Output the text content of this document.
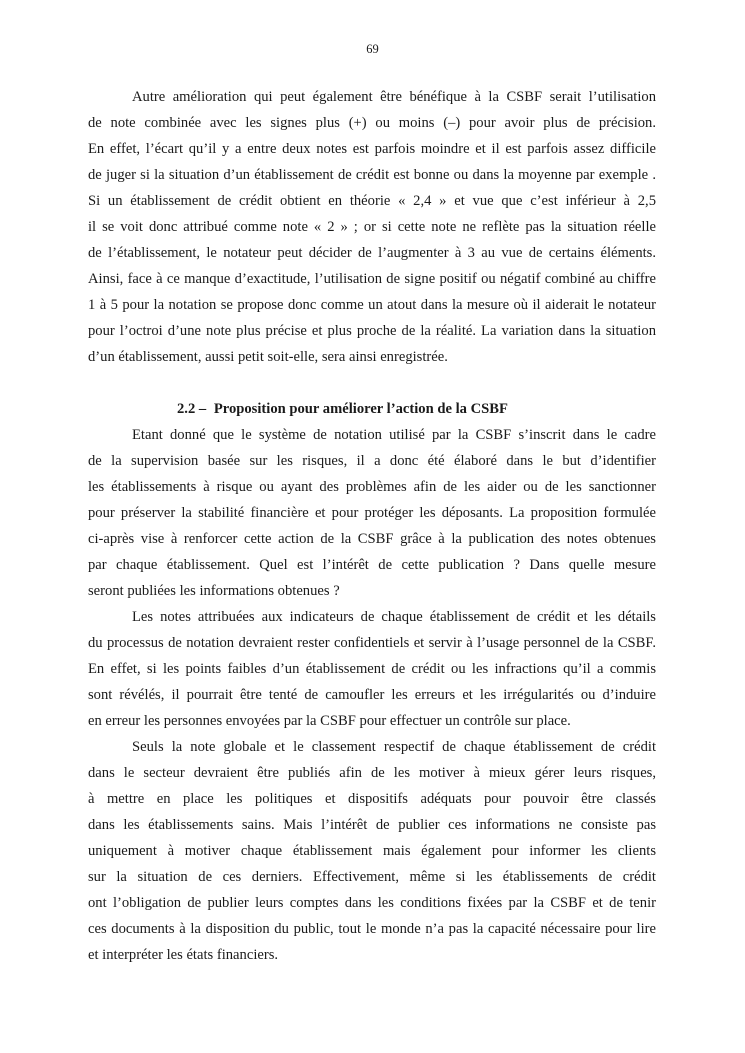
69
Autre amélioration qui peut également être bénéfique à la CSBF serait l’utilisation
de note combinée avec les signes plus (+) ou moins (–) pour avoir plus de précision.
En effet, l’écart qu’il y a entre deux notes est parfois moindre et il est parfois assez difficile
de juger si la situation d’un établissement de crédit est bonne ou dans la moyenne par exemple .
Si un établissement de crédit obtient en théorie « 2,4 » et vue que c’est inférieur à 2,5
il se voit donc attribué comme note « 2 » ; or si cette note ne reflète pas la situation réelle
de l’établissement, le notateur peut décider de l’augmenter à 3 au vue de certains éléments.
Ainsi, face à ce manque d’exactitude, l’utilisation de signe positif ou négatif combiné au chiffre
1 à 5 pour la notation se propose donc comme un atout dans la mesure où il aiderait le notateur
pour l’octroi d’une note plus précise et plus proche de la réalité. La variation dans la situation
d’un établissement, aussi petit soit-elle, sera ainsi enregistrée.
2.2 – Proposition pour améliorer l’action de la CSBF
Etant donné que le système de notation utilisé par la CSBF s’inscrit dans le cadre
de la supervision basée sur les risques, il a donc été élaboré dans le but d’identifier
les établissements à risque ou ayant des problèmes afin de les aider ou de les sanctionner
pour préserver la stabilité financière et pour protéger les déposants. La proposition formulée
ci-après vise à renforcer cette action de la CSBF grâce à la publication des notes obtenues
par chaque établissement. Quel est l’intérêt de cette publication ? Dans quelle mesure
seront publiées les informations obtenues ?
Les notes attribuées aux indicateurs de chaque établissement de crédit et les détails
du processus de notation devraient rester confidentiels et servir à l’usage personnel de la CSBF.
En effet, si les points faibles d’un établissement de crédit ou les infractions qu’il a commis
sont révélés, il pourrait être tenté de camoufler les erreurs et les irrégularités ou d’induire
en erreur les personnes envoyées par la CSBF pour effectuer un contrôle sur place.
Seuls la note globale et le classement respectif de chaque établissement de crédit
dans le secteur devraient être publiés afin de les motiver à mieux gérer leurs risques,
à mettre en place les politiques et dispositifs adéquats pour pouvoir être classés
dans les établissements sains. Mais l’intérêt de publier ces informations ne consiste pas
uniquement à motiver chaque établissement mais également pour informer les clients
sur la situation de ces derniers. Effectivement, même si les établissements de crédit
ont l’obligation de publier leurs comptes dans les conditions fixées par la CSBF et de tenir
ces documents à la disposition du public, tout le monde n’a pas la capacité nécessaire pour lire
et interpréter les états financiers.
